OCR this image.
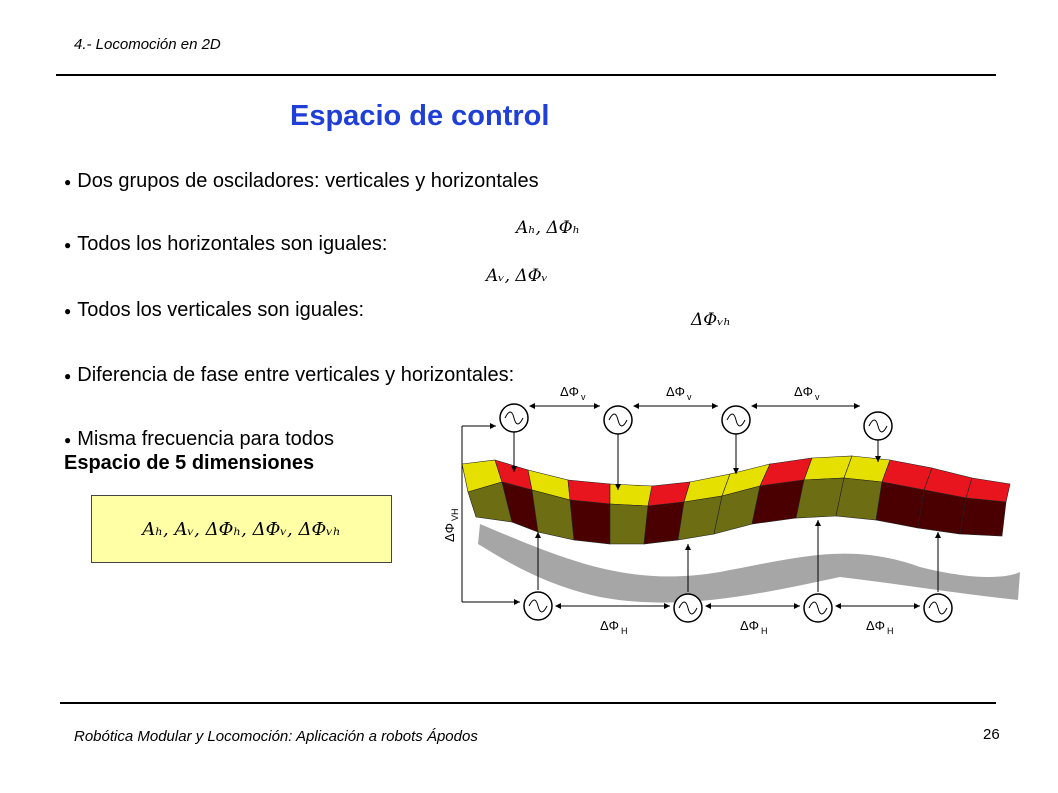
4.- Locomoción en 2D
Espacio de control
● Dos grupos de osciladores: verticales y horizontales
● Todos los horizontales son iguales:
● Todos los verticales son iguales:
● Diferencia de fase entre verticales y horizontales:
● Misma frecuencia para todos
Aₕ, ΔΦₕ
Aᵥ, ΔΦᵥ
ΔΦᵥₕ
Espacio de 5 dimensiones
Aₕ, Aᵥ, ΔΦₕ, ΔΦᵥ, ΔΦᵥₕ	ΔΦ
VH
ΔΦ v	ΔΦ v	ΔΦ v
ΔΦ H	ΔΦ H	ΔΦ H
Robótica Modular y Locomoción: Aplicación a robots Ápodos	26
